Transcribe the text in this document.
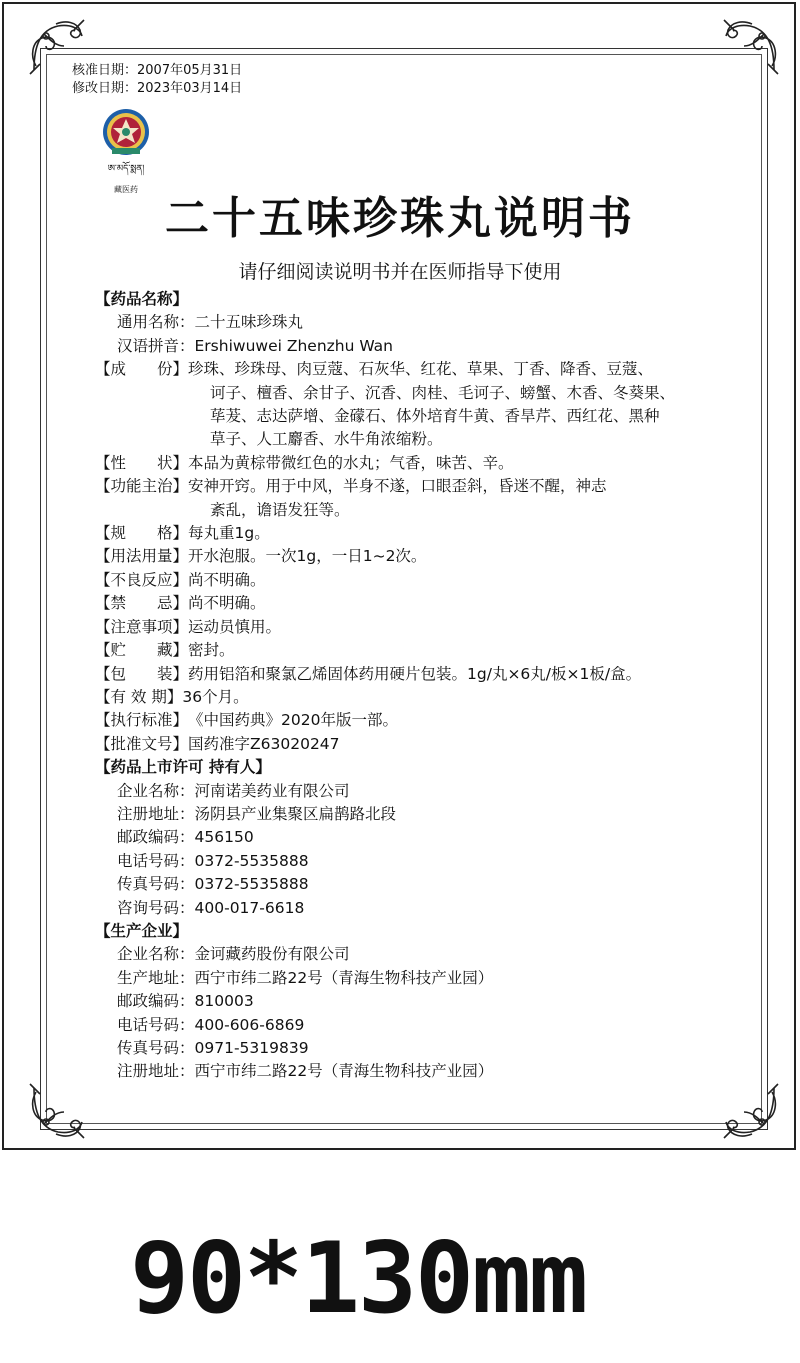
核准日期：2007年05月31日
修改日期：2023年03月14日
ཨ་མདོ་སྨན།
藏医药
二十五味珍珠丸说明书
请仔细阅读说明书并在医师指导下使用
【药品名称】
通用名称： 二十五味珍珠丸
汉语拼音： Ershiwuwei Zhenzhu Wan
【成　　份】 珍珠、珍珠母、肉豆蔻、石灰华、红花、草果、丁香、降香、豆蔻、
诃子、檀香、余甘子、沉香、肉桂、毛诃子、螃蟹、木香、冬葵果、
荜茇、志达萨增、金礞石、体外培育牛黄、香旱芹、西红花、黑种
草子、人工麝香、水牛角浓缩粉。
【性　　状】 本品为黄棕带微红色的水丸；气香，味苦、辛。
【功能主治】 安神开窍。用于中风，半身不遂，口眼歪斜，昏迷不醒，神志
紊乱，谵语发狂等。
【规　　格】 每丸重1g。
【用法用量】 开水泡服。一次1g，一日1~2次。
【不良反应】 尚不明确。
【禁　　忌】 尚不明确。
【注意事项】 运动员慎用。
【贮　　藏】 密封。
【包　　装】 药用铝箔和聚氯乙烯固体药用硬片包装。1g/丸×6丸/板×1板/盒。
【有 效 期】 36个月。
【执行标准】 《中国药典》2020年版一部。
【批准文号】 国药准字Z63020247
【药品上市许可 持有人】
企业名称： 河南诺美药业有限公司
注册地址： 汤阴县产业集聚区扁鹊路北段
邮政编码： 456150
电话号码： 0372-5535888
传真号码： 0372-5535888
咨询号码： 400-017-6618
【生产企业】
企业名称： 金诃藏药股份有限公司
生产地址： 西宁市纬二路22号（青海生物科技产业园）
邮政编码： 810003
电话号码： 400-606-6869
传真号码： 0971-5319839
注册地址： 西宁市纬二路22号（青海生物科技产业园）
90*130mm
